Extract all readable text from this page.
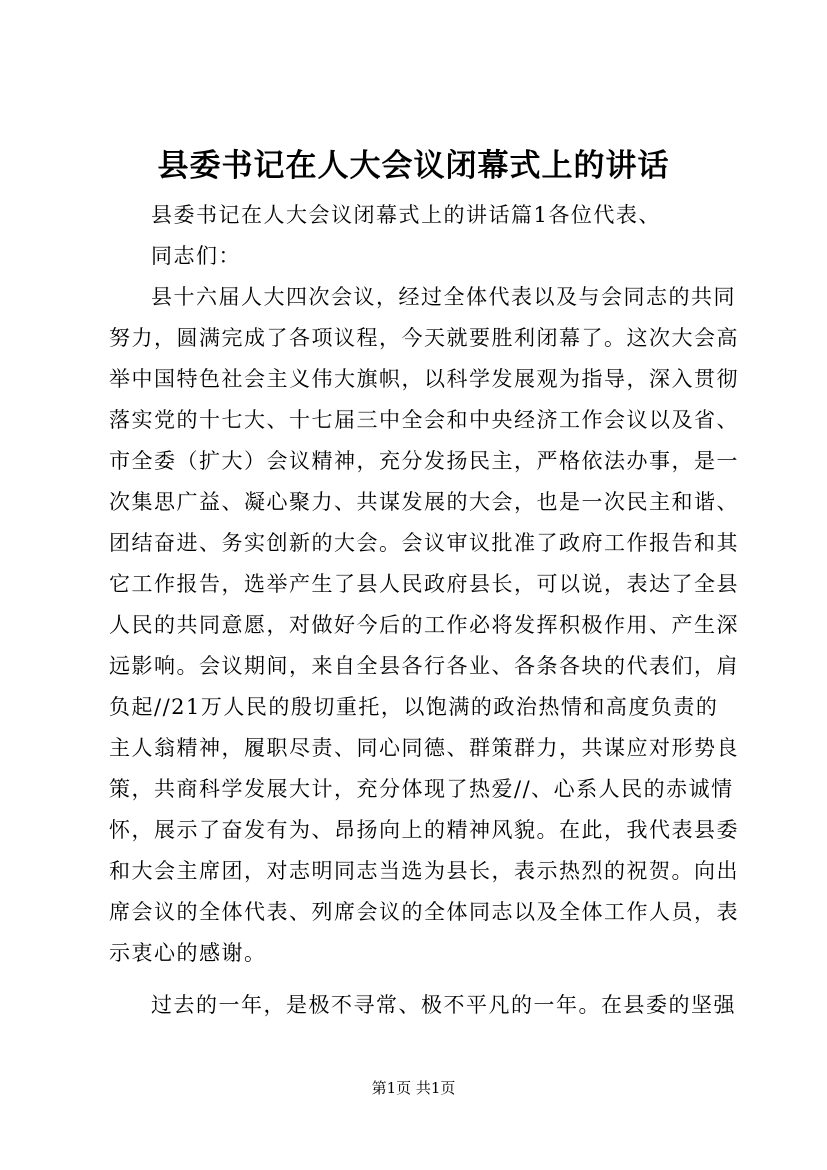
县委书记在人大会议闭幕式上的讲话
县委书记在人大会议闭幕式上的讲话篇1各位代表、
同志们：
县十六届人大四次会议，经过全体代表以及与会同志的共同
努力，圆满完成了各项议程，今天就要胜利闭幕了。这次大会高
举中国特色社会主义伟大旗帜，以科学发展观为指导，深入贯彻
落实党的十七大、十七届三中全会和中央经济工作会议以及省、
市全委（扩大）会议精神，充分发扬民主，严格依法办事，是一
次集思广益、凝心聚力、共谋发展的大会，也是一次民主和谐、
团结奋进、务实创新的大会。会议审议批准了政府工作报告和其
它工作报告，选举产生了县人民政府县长，可以说，表达了全县
人民的共同意愿，对做好今后的工作必将发挥积极作用、产生深
远影响。会议期间，来自全县各行各业、各条各块的代表们，肩
负起//21万人民的殷切重托，以饱满的政治热情和高度负责的
主人翁精神，履职尽责、同心同德、群策群力，共谋应对形势良
策，共商科学发展大计，充分体现了热爱//、心系人民的赤诚情
怀，展示了奋发有为、昂扬向上的精神风貌。在此，我代表县委
和大会主席团，对志明同志当选为县长，表示热烈的祝贺。向出
席会议的全体代表、列席会议的全体同志以及全体工作人员，表
示衷心的感谢。
过去的一年，是极不寻常、极不平凡的一年。在县委的坚强
第1页 共1页
